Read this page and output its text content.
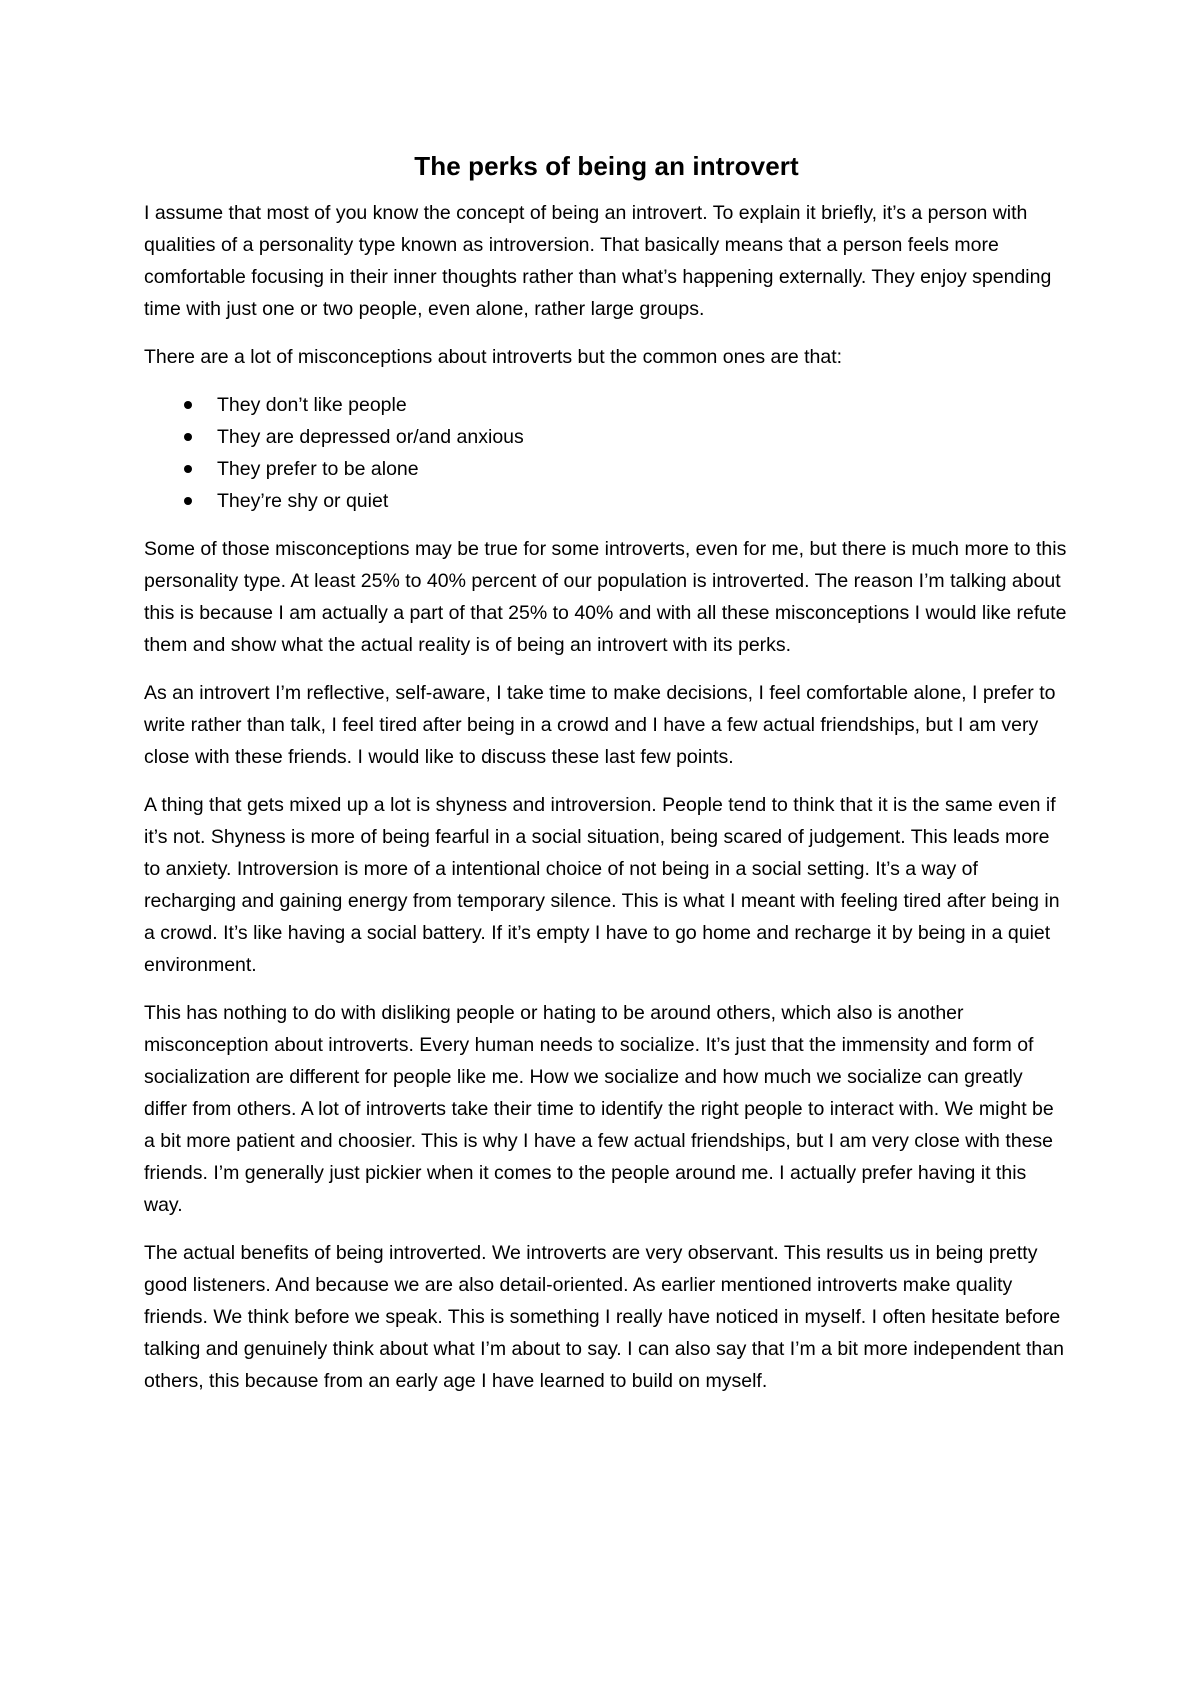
The perks of being an introvert

I assume that most of you know the concept of being an introvert. To explain it briefly, it’s a person with qualities of a personality type known as introversion. That basically means that a person feels more comfortable focusing in their inner thoughts rather than what’s happening externally. They enjoy spending time with just one or two people, even alone, rather large groups.

There are a lot of misconceptions about introverts but the common ones are that:

They don’t like people
They are depressed or/and anxious
They prefer to be alone
They’re shy or quiet

Some of those misconceptions may be true for some introverts, even for me, but there is much more to this personality type. At least 25% to 40% percent of our population is introverted. The reason I’m talking about this is because I am actually a part of that 25% to 40% and with all these misconceptions I would like refute them and show what the actual reality is of being an introvert with its perks.

As an introvert I’m reflective, self-aware, I take time to make decisions, I feel comfortable alone, I prefer to write rather than talk, I feel tired after being in a crowd and I have a few actual friendships, but I am very close with these friends. I would like to discuss these last few points.

A thing that gets mixed up a lot is shyness and introversion. People tend to think that it is the same even if it’s not. Shyness is more of being fearful in a social situation, being scared of judgement. This leads more to anxiety. Introversion is more of a intentional choice of not being in a social setting. It’s a way of recharging and gaining energy from temporary silence. This is what I meant with feeling tired after being in a crowd. It’s like having a social battery. If it’s empty I have to go home and recharge it by being in a quiet environment.

This has nothing to do with disliking people or hating to be around others, which also is another misconception about introverts. Every human needs to socialize. It’s just that the immensity and form of socialization are different for people like me. How we socialize and how much we socialize can greatly differ from others. A lot of introverts take their time to identify the right people to interact with. We might be a bit more patient and choosier. This is why I have a few actual friendships, but I am very close with these friends. I’m generally just pickier when it comes to the people around me. I actually prefer having it this way.

The actual benefits of being introverted. We introverts are very observant. This results us in being pretty good listeners. And because we are also detail-oriented. As earlier mentioned introverts make quality friends. We think before we speak. This is something I really have noticed in myself. I often hesitate before talking and genuinely think about what I’m about to say. I can also say that I’m a bit more independent than others, this because from an early age I have learned to build on myself.
